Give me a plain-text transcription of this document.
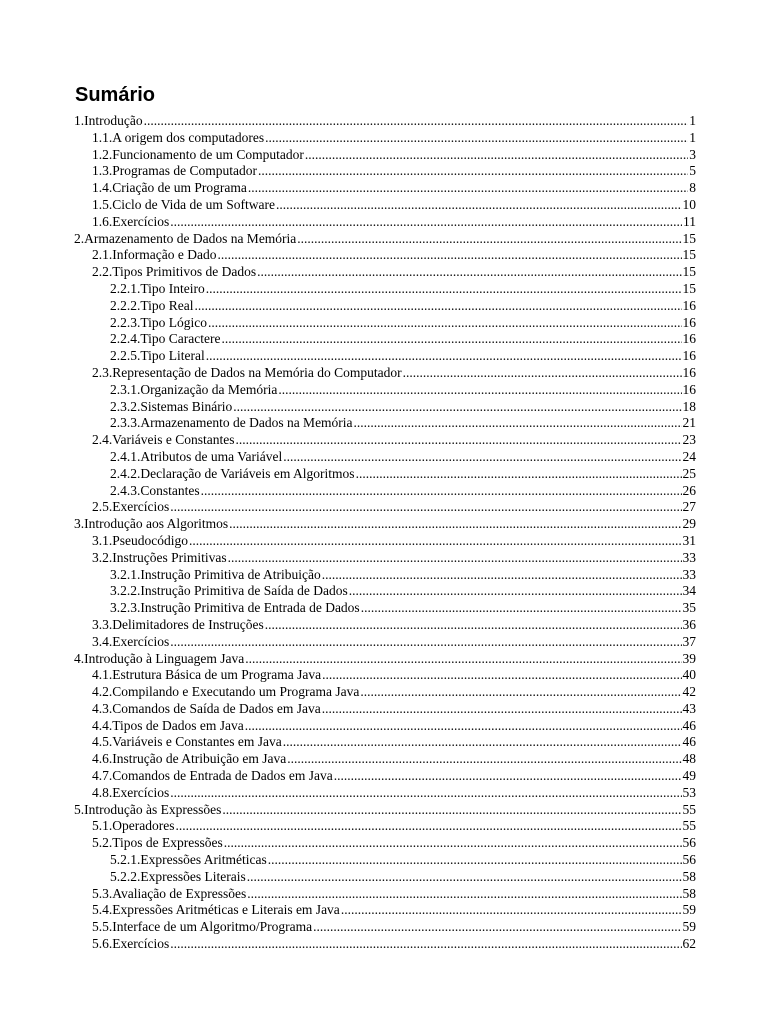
Sumário
1.Introdução .....	1
1.1.A origem dos computadores .....	1
1.2.Funcionamento de um Computador .....	3
1.3.Programas de Computador .....	5
1.4.Criação de um Programa .....	8
1.5.Ciclo de Vida de um Software .....	10
1.6.Exercícios .....	11
2.Armazenamento de Dados na Memória .....	15
2.1.Informação e Dado .....	15
2.2.Tipos Primitivos de Dados .....	15
2.2.1.Tipo Inteiro .....	15
2.2.2.Tipo Real .....	16
2.2.3.Tipo Lógico .....	16
2.2.4.Tipo Caractere .....	16
2.2.5.Tipo Literal .....	16
2.3.Representação de Dados na Memória do Computador .....	16
2.3.1.Organização da Memória .....	16
2.3.2.Sistemas Binário .....	18
2.3.3.Armazenamento de Dados na Memória .....	21
2.4.Variáveis e Constantes .....	23
2.4.1.Atributos de uma Variável .....	24
2.4.2.Declaração de Variáveis em Algoritmos .....	25
2.4.3.Constantes .....	26
2.5.Exercícios .....	27
3.Introdução aos Algoritmos .....	29
3.1.Pseudocódigo .....	31
3.2.Instruções Primitivas .....	33
3.2.1.Instrução Primitiva de Atribuição .....	33
3.2.2.Instrução Primitiva de Saída de Dados .....	34
3.2.3.Instrução Primitiva de Entrada de Dados .....	35
3.3.Delimitadores de Instruções .....	36
3.4.Exercícios .....	37
4.Introdução à Linguagem Java .....	39
4.1.Estrutura Básica de um Programa Java .....	40
4.2.Compilando e Executando um Programa Java .....	42
4.3.Comandos de Saída de Dados em Java .....	43
4.4.Tipos de Dados em Java .....	46
4.5.Variáveis e Constantes em Java .....	46
4.6.Instrução de Atribuição em Java .....	48
4.7.Comandos de Entrada de Dados em Java .....	49
4.8.Exercícios .....	53
5.Introdução às Expressões .....	55
5.1.Operadores .....	55
5.2.Tipos de Expressões .....	56
5.2.1.Expressões Aritméticas .....	56
5.2.2.Expressões Literais .....	58
5.3.Avaliação de Expressões .....	58
5.4.Expressões Aritméticas e Literais em Java .....	59
5.5.Interface de um Algoritmo/Programa .....	59
5.6.Exercícios .....	62
